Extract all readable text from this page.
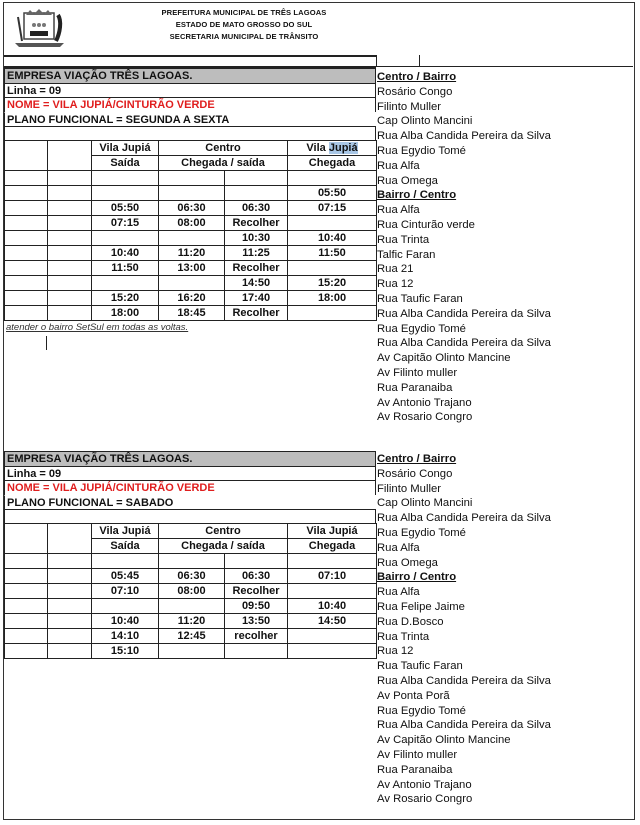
PREFEITURA MUNICIPAL DE TRÊS LAGOAS
ESTADO DE MATO GROSSO DO SUL
SECRETARIA MUNICIPAL DE TRÂNSITO
EMPRESA VIAÇÃO TRÊS LAGOAS.
Linha = 09
NOME = VILA JUPIÁ/CINTURÃO VERDE
PLANO FUNCIONAL = SEGUNDA A SEXTA
		Vila Jupiá	Centro		Vila Jupiá
		Saída	Chegada / saída		Chegada

					05:50
		05:50	06:30	06:30	07:15
		07:15	08:00	Recolher	
				10:30	10:40
		10:40	11:20	11:25	11:50
		11:50	13:00	Recolher	
				14:50	15:20
		15:20	16:20	17:40	18:00
		18:00	18:45	Recolher	
atender o bairro SetSul em todas as voltas.
Centro / Bairro
Rosário Congo
Filinto Muller
Cap Olinto Mancini
Rua Alba Candida Pereira da Silva
Rua Egydio Tomé
Rua Alfa
Rua Omega
Bairro / Centro
Rua Alfa
Rua Cinturão verde
Rua Trinta
Talfic Faran
Rua 21
Rua 12
Rua Taufic Faran
Rua Alba Candida Pereira da Silva
Rua Egydio Tomé
Rua Alba Candida Pereira da Silva
Av Capitão Olinto Mancine
Av Filinto muller
Rua Paranaiba
Av Antonio Trajano
Av Rosario Congro
EMPRESA VIAÇÃO TRÊS LAGOAS.
Linha = 09
NOME = VILA JUPIÁ/CINTURÃO VERDE
PLANO FUNCIONAL = SABADO
		Vila Jupiá	Centro		Vila Jupiá
		Saída	Chegada / saída		Chegada

		05:45	06:30	06:30	07:10
		07:10	08:00	Recolher	
				09:50	10:40
		10:40	11:20	13:50	14:50
		14:10	12:45	recolher	
		15:10			
Centro / Bairro
Rosário Congo
Filinto Muller
Cap Olinto Mancini
Rua Alba Candida Pereira da Silva
Rua Egydio Tomé
Rua Alfa
Rua Omega
Bairro / Centro
Rua Alfa
Rua Felipe Jaime
Rua D.Bosco
Rua Trinta
Rua 12
Rua Taufic Faran
Rua Alba Candida Pereira da Silva
Av Ponta Porã
Rua Egydio Tomé
Rua Alba Candida Pereira da Silva
Av Capitão Olinto Mancine
Av Filinto muller
Rua Paranaiba
Av Antonio Trajano
Av Rosario Congro
